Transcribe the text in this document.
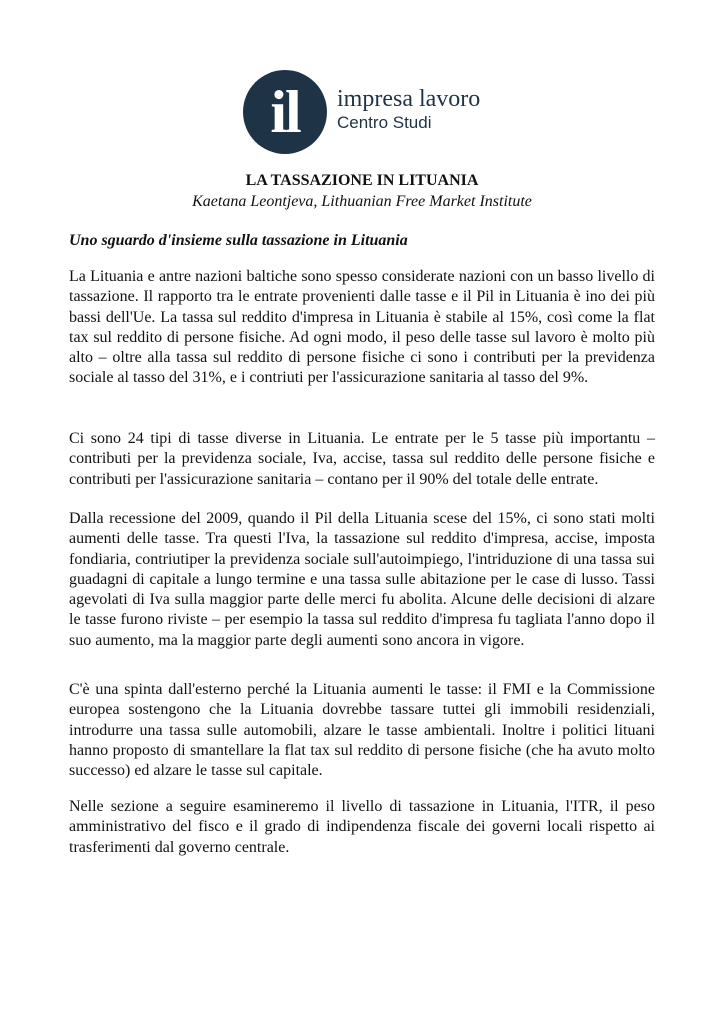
il	impresa lavoro
Centro Studi
LA TASSAZIONE IN LITUANIA
Kaetana Leontjeva, Lithuanian Free Market Institute
Uno sguardo d'insieme sulla tassazione in Lituania

La Lituania e antre nazioni baltiche sono spesso considerate nazioni con un basso livello di tassazione. Il rapporto tra le entrate provenienti dalle tasse e il Pil in Lituania è ino dei più bassi dell'Ue. La tassa sul reddito d'impresa in Lituania è stabile al 15%, così come la flat tax sul reddito di persone fisiche. Ad ogni modo, il peso delle tasse sul lavoro è molto più alto – oltre alla tassa sul reddito di persone fisiche ci sono i contributi per la previdenza sociale al tasso del 31%, e i contriuti per l'assicurazione sanitaria al tasso del 9%.

Ci sono 24 tipi di tasse diverse in Lituania. Le entrate per le 5 tasse più importantu – contributi per la previdenza sociale, Iva, accise, tassa sul reddito delle persone fisiche e contributi per l'assicurazione sanitaria – contano per il 90% del totale delle entrate.

Dalla recessione del 2009, quando il Pil della Lituania scese del 15%, ci sono stati molti aumenti delle tasse. Tra questi l'Iva, la tassazione sul reddito d'impresa, accise, imposta fondiaria, contriutiper la previdenza sociale sull'autoimpiego, l'intriduzione di una tassa sui guadagni di capitale a lungo termine e una tassa sulle abitazione per le case di lusso. Tassi agevolati di Iva sulla maggior parte delle merci fu abolita. Alcune delle decisioni di alzare le tasse furono riviste – per esempio la tassa sul reddito d'impresa fu tagliata l'anno dopo il suo aumento, ma la maggior parte degli aumenti sono ancora in vigore.

C'è una spinta dall'esterno perché la Lituania aumenti le tasse: il FMI e la Commissione europea sostengono che la Lituania dovrebbe tassare tuttei gli immobili residenziali, introdurre una tassa sulle automobili, alzare le tasse ambientali. Inoltre i politici lituani hanno proposto di smantellare la flat tax sul reddito di persone fisiche (che ha avuto molto successo) ed alzare le tasse sul capitale.

Nelle sezione a seguire esamineremo il livello di tassazione in Lituania, l'ITR, il peso amministrativo del fisco e il grado di indipendenza fiscale dei governi locali rispetto ai trasferimenti dal governo centrale.
